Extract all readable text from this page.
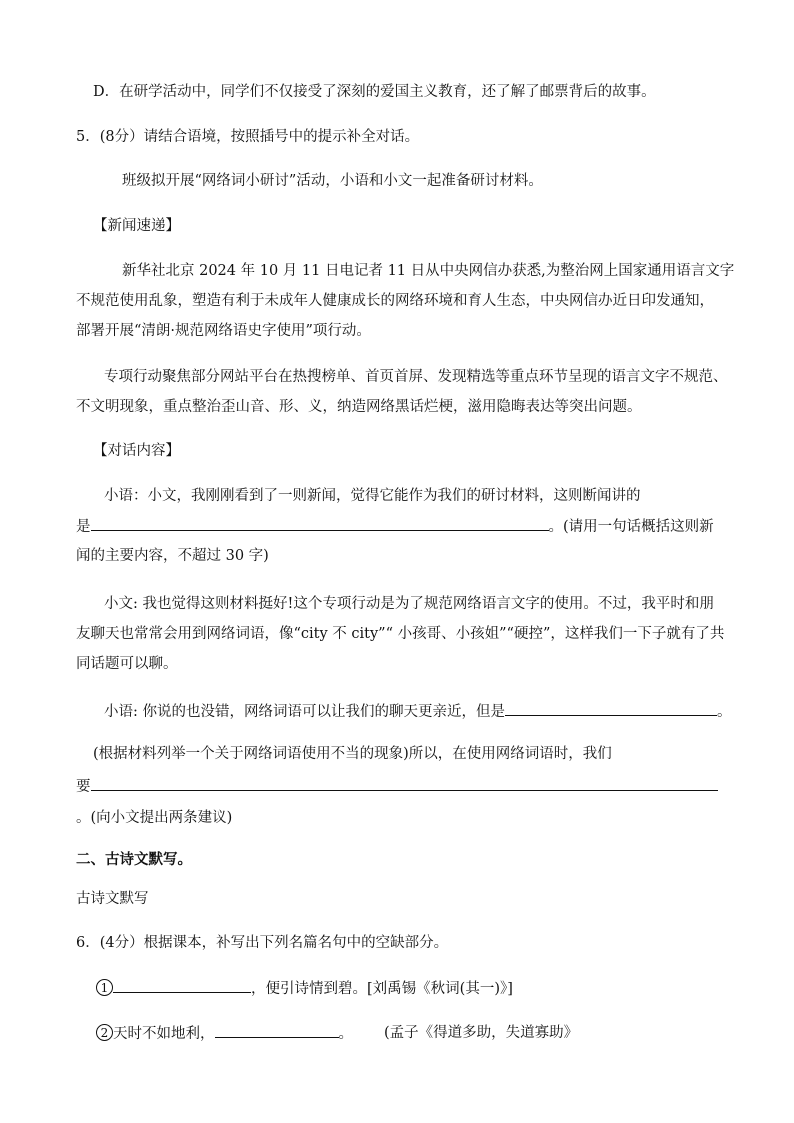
D．在研学活动中，同学们不仅接受了深刻的爱国主义教育，还了解了邮票背后的故事。
5．(8分）请结合语境，按照插号中的提示补全对话。
班级拟开展“网络词小研讨”活动，小语和小文一起准备研讨材料。
【新闻速递】
新华社北京 2024 年 10 月 11 日电记者 11 日从中央网信办获悉,为整治网上国家通用语言文字
不规范使用乱象，塑造有利于未成年人健康成长的网络环境和育人生态，中央网信办近日印发通知，
部署开展“清朗·规范网络语史字使用”项行动。
专项行动聚焦部分网站平台在热搜榜单、首页首屏、发现精选等重点环节呈现的语言文字不规范、
不文明现象，重点整治歪山音、形、义，纳造网络黑话烂梗，滋用隐晦表达等突出问题。
【对话内容】
小语：小文，我刚刚看到了一则新闻，觉得它能作为我们的研讨材料，这则断闻讲的
是	。(请用一句话概括这则新
闻的主要内容，不超过 30 字)
小文: 我也觉得这则材料挺好!这个专项行动是为了规范网络语言文字的使用。不过，我平时和朋
友聊天也常常会用到网络词语，像“city 不 city”“ 小孩哥、小孩姐”“硬控”，这样我们一下子就有了共
同话题可以聊。
小语: 你说的也没错，网络词语可以让我们的聊天更亲近，但是	。
(根据材料列举一个关于网络词语使用不当的现象)所以，在使用网络词语时，我们
要
。(向小文提出两条建议)
二、古诗文默写。
古诗文默写
6．(4分）根据课本，补写出下列名篇名句中的空缺部分。
1	，便引诗情到碧。[刘禹锡《秋词(其一)》]
2 天时不如地利，	。 (孟子《得道多助，失道寡助》
